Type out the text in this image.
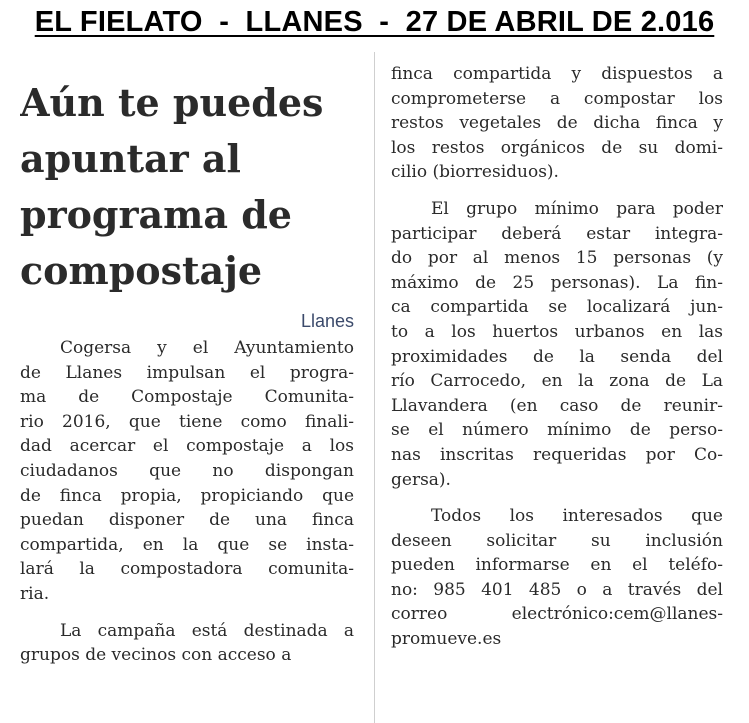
EL FIELATO  -  LLANES  -  27 DE ABRIL DE 2.016
Aún te puedes
apuntar al
programa de
compostaje
Llanes

Cogersa y el Ayuntamiento
de Llanes impulsan el progra-
ma de Compostaje Comunita-
rio 2016, que tiene como finali-
dad acercar el compostaje a los
ciudadanos que no dispongan
de finca propia, propiciando que
puedan disponer de una finca
compartida, en la que se insta-
lará la compostadora comunita-
ria.

La campaña está destinada a
grupos de vecinos con acceso a

finca compartida y dispuestos a
comprometerse a compostar los
restos vegetales de dicha finca y
los restos orgánicos de su domi-
cilio (biorresiduos).

El grupo mínimo para poder
participar deberá estar integra-
do por al menos 15 personas (y
máximo de 25 personas). La fin-
ca compartida se localizará jun-
to a los huertos urbanos en las
proximidades de la senda del
río Carrocedo, en la zona de La
Llavandera (en caso de reunir-
se el número mínimo de perso-
nas inscritas requeridas por Co-
gersa).

Todos los interesados que
deseen solicitar su inclusión
pueden informarse en el teléfo-
no: 985 401 485 o a través del
correo electrónico:cem@llanes-
promueve.es
